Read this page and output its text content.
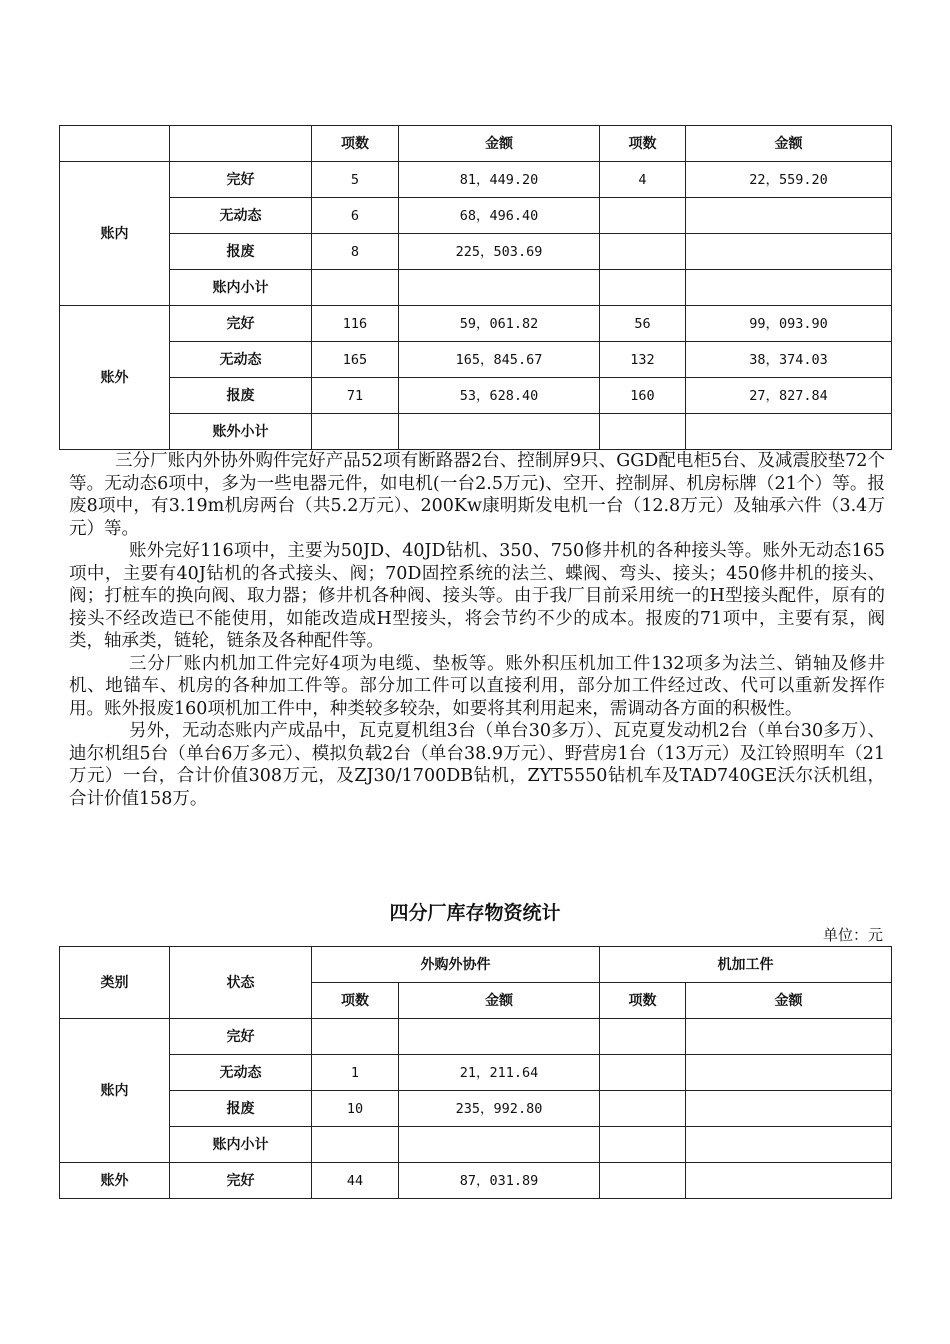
		项数	金额	项数	金额
账内	完好	5	81，449.20	4	22，559.20
	无动态	6	68，496.40		
	报废	8	225，503.69		
	账内小计				
账外	完好	116	59，061.82	56	99，093.90
	无动态	165	165，845.67	132	38，374.03
	报废	71	53，628.40	160	27，827.84
	账外小计				

三分厂账内外协外购件完好产品52项有断路器2台、控制屏9只、GGD配电柜5台、及减震胶垫72个等。无动态6项中，多为一些电器元件，如电机(一台2.5万元)、空开、控制屏、机房标牌（21个）等。报废8项中，有3.19m机房两台（共5.2万元）、200Kw康明斯发电机一台（12.8万元）及轴承六件（3.4万元）等。

账外完好116项中，主要为50JD、40JD钻机、350、750修井机的各种接头等。账外无动态165项中，主要有40J钻机的各式接头、阀；70D固控系统的法兰、蝶阀、弯头、接头；450修井机的接头、阀；打桩车的换向阀、取力器；修井机各种阀、接头等。由于我厂目前采用统一的H型接头配件，原有的接头不经改造已不能使用，如能改造成H型接头，将会节约不少的成本。报废的71项中，主要有泵，阀类，轴承类，链轮，链条及各种配件等。

三分厂账内机加工件完好4项为电缆、垫板等。账外积压机加工件132项多为法兰、销轴及修井机、地锚车、机房的各种加工件等。部分加工件可以直接利用，部分加工件经过改、代可以重新发挥作用。账外报废160项机加工件中，种类较多较杂，如要将其利用起来，需调动各方面的积极性。

另外，无动态账内产成品中，瓦克夏机组3台（单台30多万）、瓦克夏发动机2台（单台30多万）、迪尔机组5台（单台6万多元）、模拟负载2台（单台38.9万元）、野营房1台（13万元）及江铃照明车（21万元）一台，合计价值308万元，及ZJ30/1700DB钻机，ZYT5550钻机车及TAD740GE沃尔沃机组，合计价值158万。

四分厂库存物资统计
单位：元
类别	状态	外购外协件		机加工件	
		项数	金额	项数	金额
账内	完好				
	无动态	1	21，211.64		
	报废	10	235，992.80		
	账内小计				
账外	完好	44	87，031.89		
